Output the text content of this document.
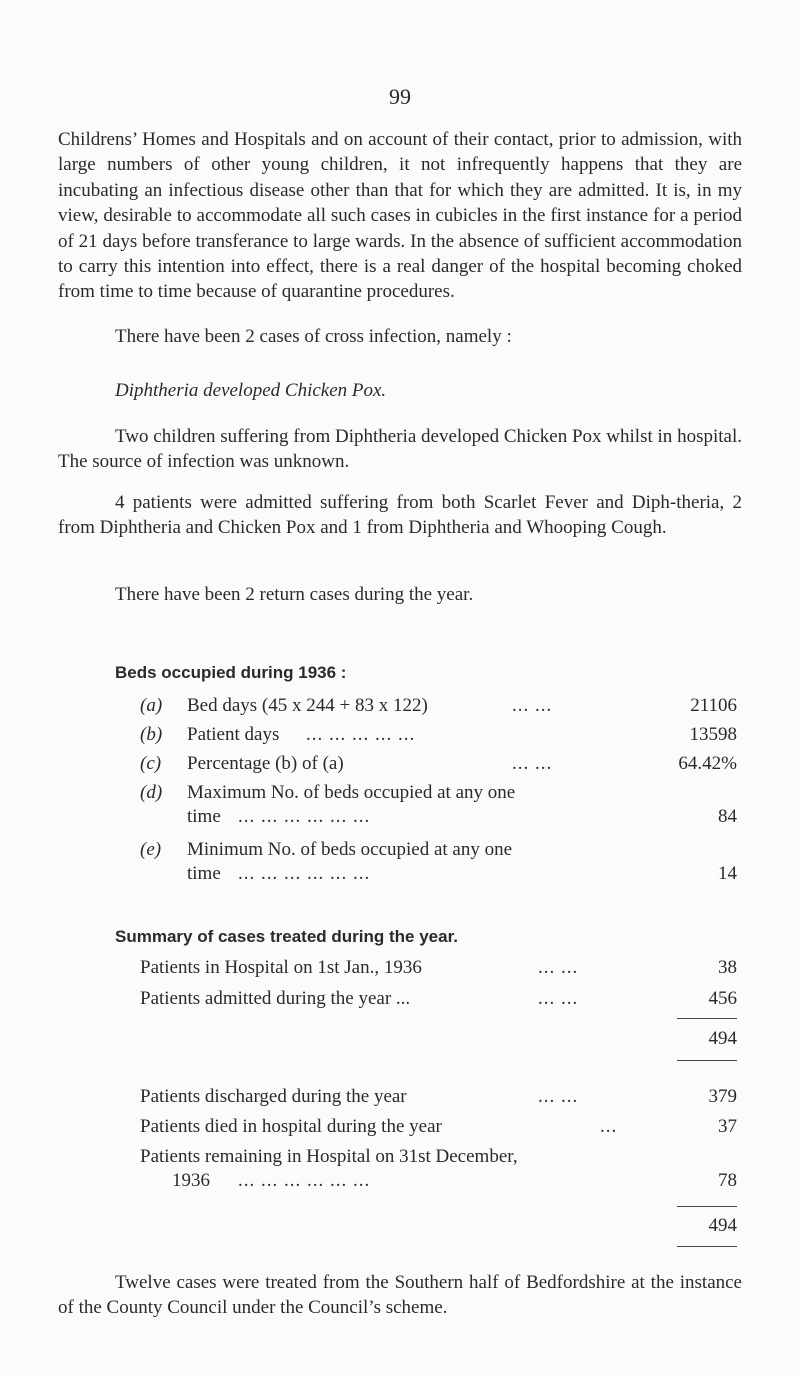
99

Childrens’ Homes and Hospitals and on account of their contact, prior to admission, with large numbers of other young children, it not infrequently happens that they are incubating an infectious disease other than that for which they are admitted. It is, in my view, desirable to accommodate all such cases in cubicles in the first instance for a period of 21 days before transferance to large wards. In the absence of sufficient accommodation to carry this intention into effect, there is a real danger of the hospital becoming choked from time to time because of quarantine procedures.

There have been 2 cases of cross infection, namely :

Diphtheria developed Chicken Pox.

Two children suffering from Diphtheria developed Chicken Pox whilst in hospital. The source of infection was unknown.

4 patients were admitted suffering from both Scarlet Fever and Diph-theria, 2 from Diphtheria and Chicken Pox and 1 from Diphtheria and Whooping Cough.

There have been 2 return cases during the year.

Beds occupied during 1936 :
(a) Bed days (45 x 244 + 83 x 122)	... ...	21106
(b) Patient days ... ... ... ... ...	13598
(c) Percentage (b) of (a)	... ...	64.42%
(d) Maximum No. of beds occupied at any one
time ... ... ... ... ... ...	84
(e) Minimum No. of beds occupied at any one
time ... ... ... ... ... ...	14
Summary of cases treated during the year.
Patients in Hospital on 1st Jan., 1936	... ...	38
Patients admitted during the year ...	... ...	456
494
Patients discharged during the year	... ...	379
Patients died in hospital during the year	...	37
Patients remaining in Hospital on 31st December,
1936 ... ... ... ... ... ...	78
494

Twelve cases were treated from the Southern half of Bedfordshire at the instance of the County Council under the Council’s scheme.
